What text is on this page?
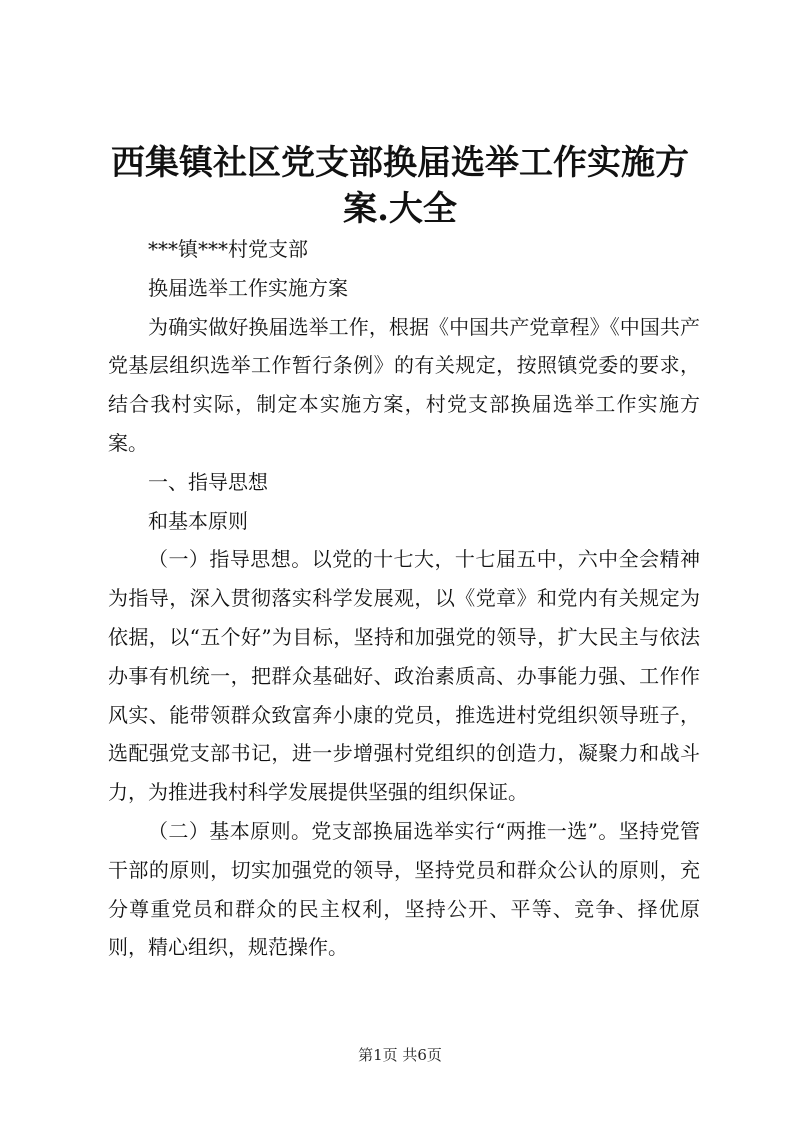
西集镇社区党支部换届选举工作实施方案.大全

***镇***村党支部

换届选举工作实施方案

为确实做好换届选举工作，根据《中国共产党章程》《中国共产党基层组织选举工作暂行条例》的有关规定，按照镇党委的要求，结合我村实际，制定本实施方案，村党支部换届选举工作实施方案。

一、指导思想

和基本原则

（一）指导思想。以党的十七大，十七届五中，六中全会精神为指导，深入贯彻落实科学发展观，以《党章》和党内有关规定为依据，以“五个好”为目标，坚持和加强党的领导，扩大民主与依法办事有机统一，把群众基础好、政治素质高、办事能力强、工作作风实、能带领群众致富奔小康的党员，推选进村党组织领导班子，选配强党支部书记，进一步增强村党组织的创造力，凝聚力和战斗力，为推进我村科学发展提供坚强的组织保证。

（二）基本原则。党支部换届选举实行“两推一选”。坚持党管干部的原则，切实加强党的领导，坚持党员和群众公认的原则，充分尊重党员和群众的民主权利，坚持公开、平等、竞争、择优原则，精心组织，规范操作。

第1页 共6页
